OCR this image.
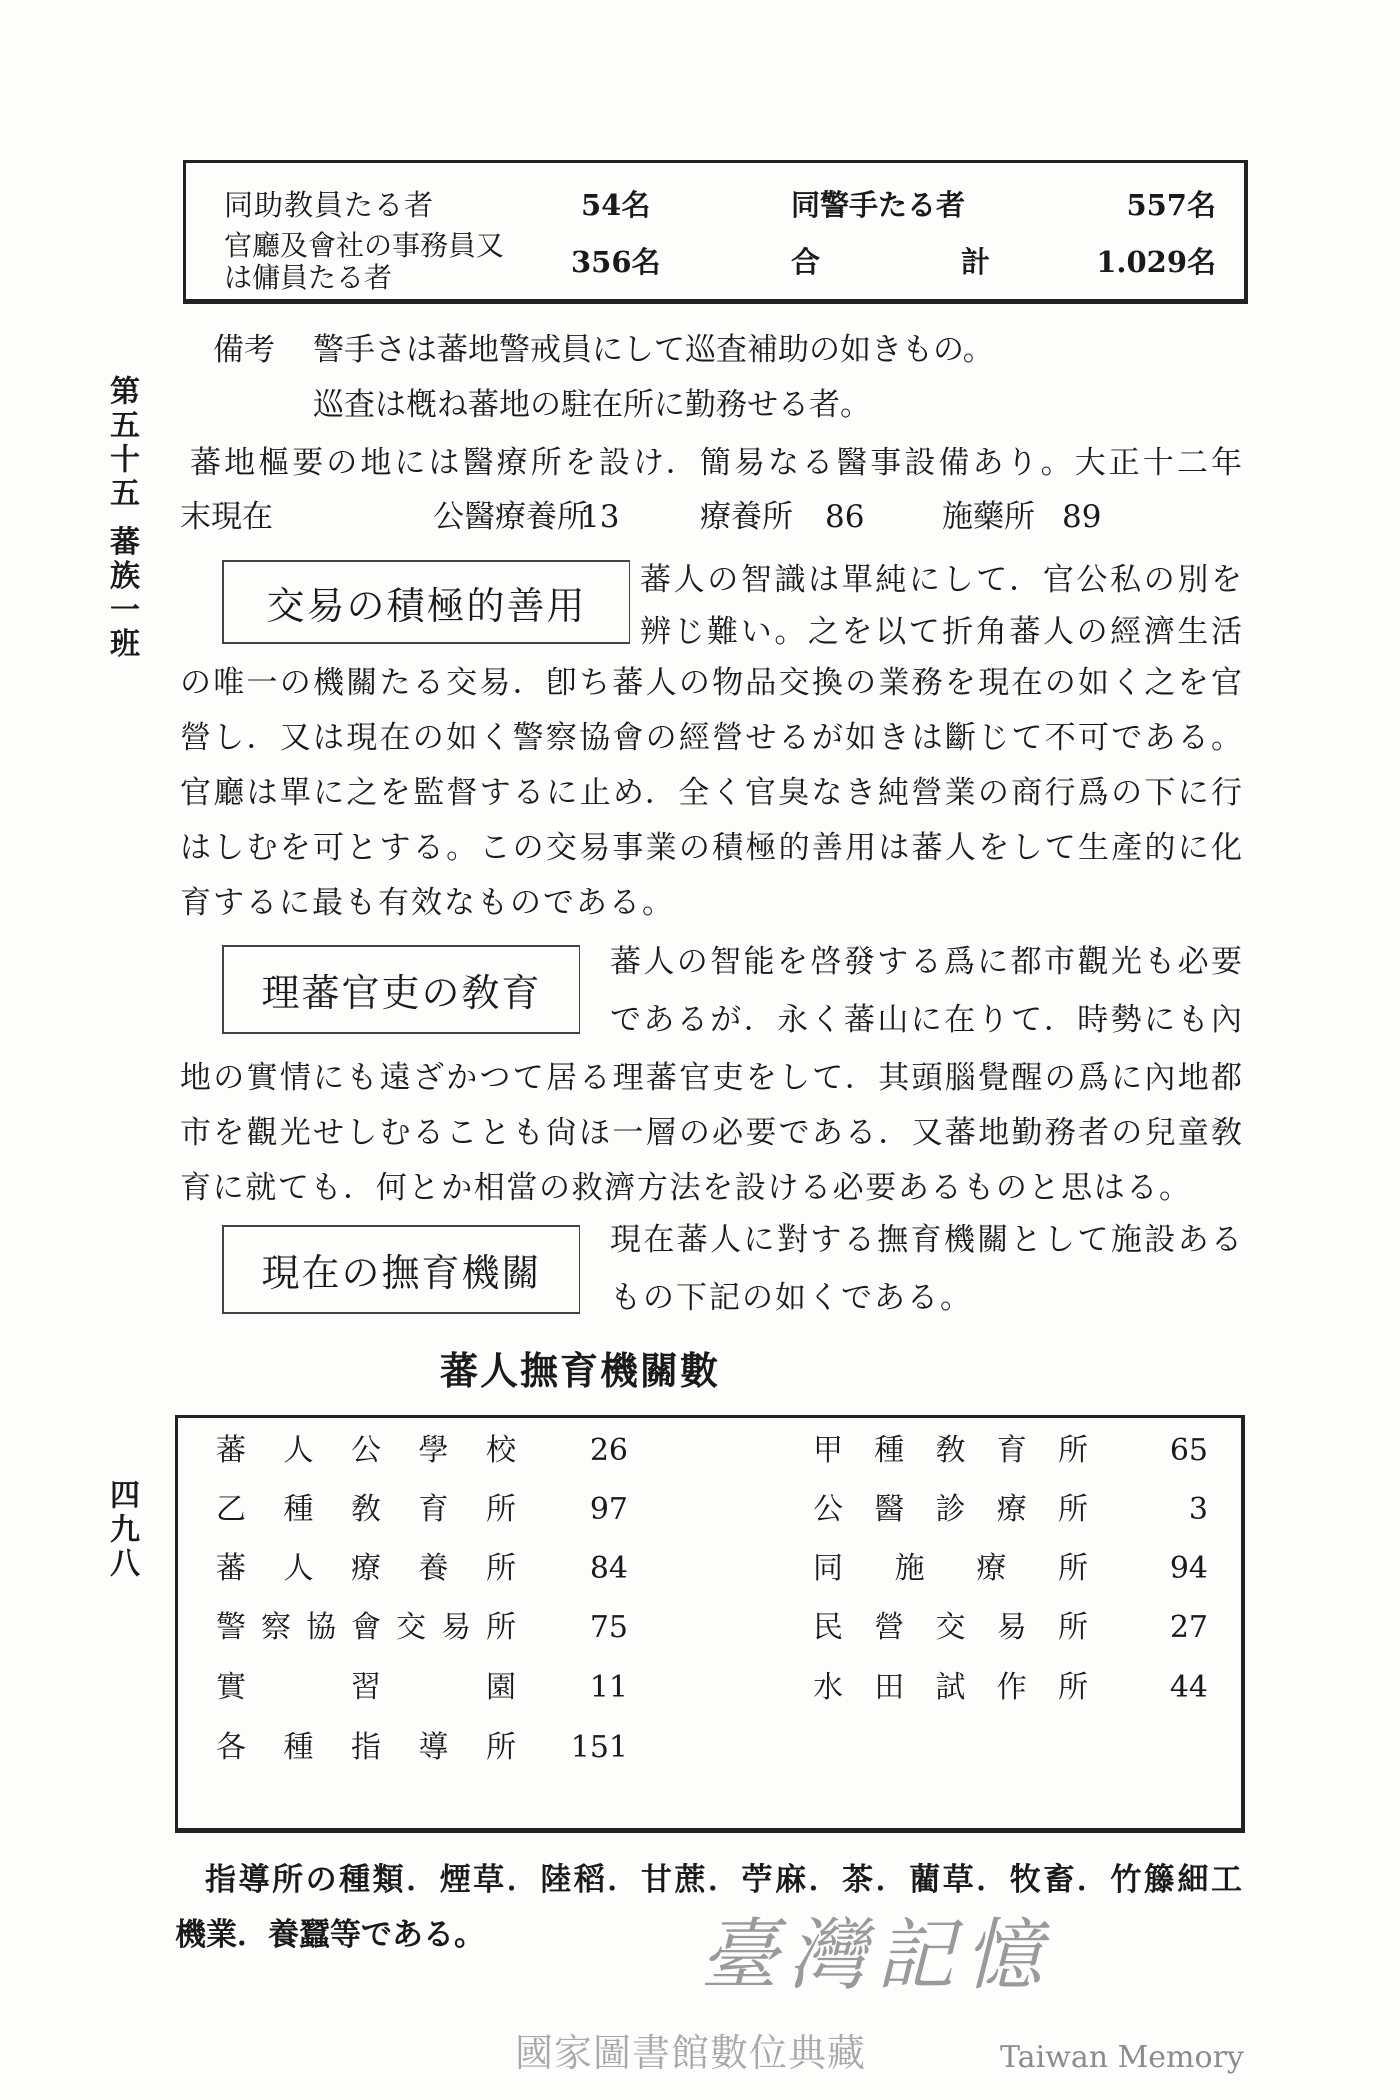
第五十五 蕃族一班
四九八
同助教員たる者	54名	同警手たる者	557名
官廳及會社の事務員又
は傭員たる者	356名	合	計	1.029名
備考 警手さは蕃地警戒員にして巡査補助の如きもの。
巡査は槪ね蕃地の駐在所に勤務せる者。
蕃地樞要の地には醫療所を設け．簡易なる醫事設備あり。大正十二年
末現在	公醫療養所
13	療養所 86	施藥所 89
交易の積極的善用
蕃人の智識は單純にして．官公私の別を
辨じ難い。之を以て折角蕃人の經濟生活
の唯一の機關たる交易．卽ち蕃人の物品交換の業務を現在の如く之を官
營し．又は現在の如く警察協會の經營せるが如きは斷じて不可である。
官廳は單に之を監督するに止め．全く官臭なき純營業の商行爲の下に行
はしむを可とする。この交易事業の積極的善用は蕃人をして生產的に化
育するに最も有效なものである。
理蕃官吏の敎育
蕃人の智能を啓發する爲に都市觀光も必要
であるが．永く蕃山に在りて．時勢にも內
地の實情にも遠ざかつて居る理蕃官吏をして．其頭腦覺醒の爲に內地都
市を觀光せしむることも尙ほ一層の必要である．又蕃地勤務者の兒童敎
育に就ても．何とか相當の救濟方法を設ける必要あるものと思はる。
現在の撫育機關
現在蕃人に對する撫育機關として施設ある
もの下記の如くである。
蕃人撫育機關數
蕃人公學校	26	甲種敎育所	65
乙種敎育所	97	公醫診療所	3
蕃人療養所	84	同施療所	94
警察協會交易所	75	民營交易所	27
實習園	11	水田試作所	44
各種指導所	151
指導所の種類．煙草．陸稻．甘蔗．苧麻．茶．藺草．牧畜．竹籐細工
機業．養蠶等である。	臺灣記憶
Taiwan Memory
國家圖書館數位典藏
